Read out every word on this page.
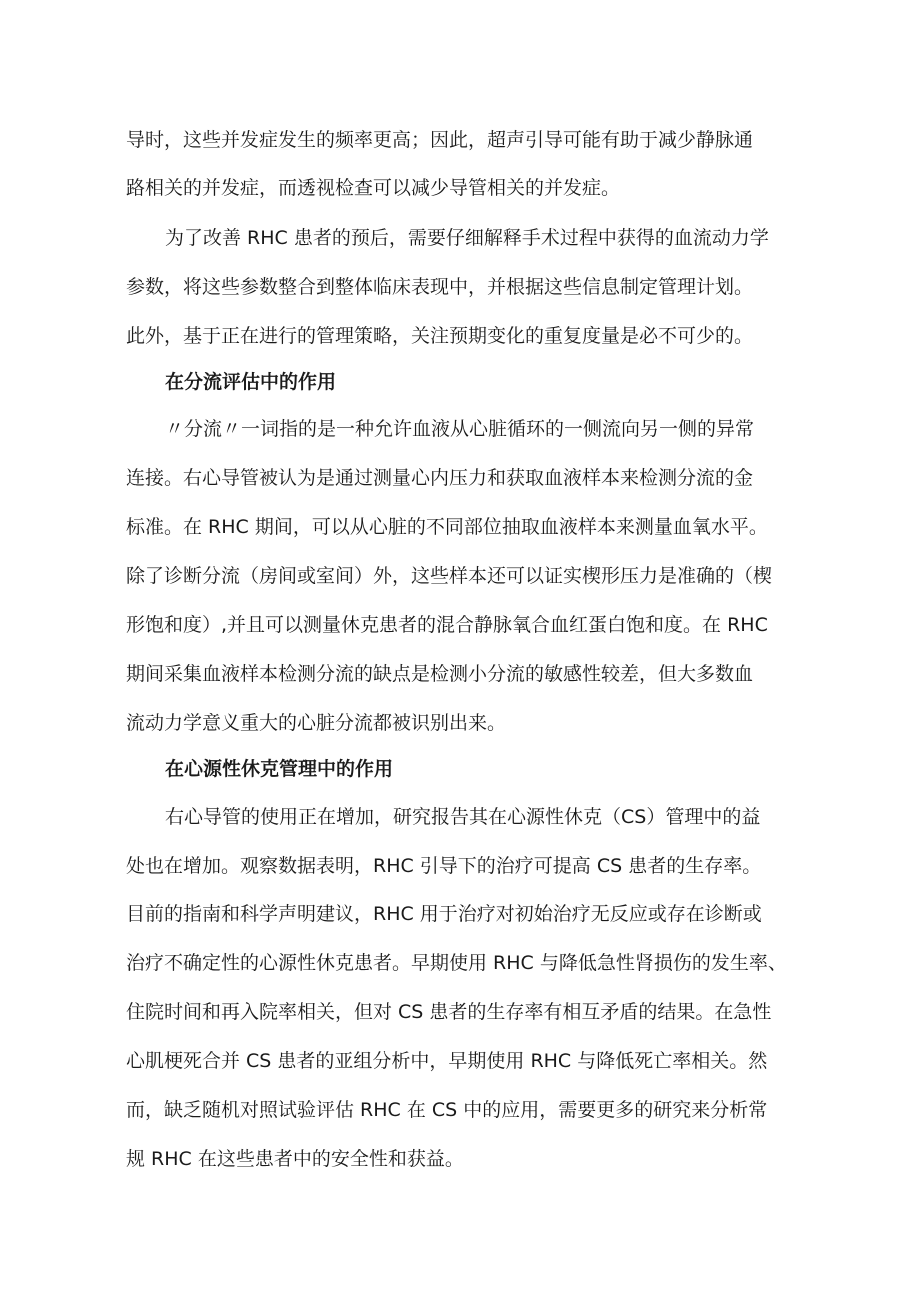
导时，这些并发症发生的频率更高；因此，超声引导可能有助于减少静脉通
路相关的并发症，而透视检查可以减少导管相关的并发症。
为了改善 RHC 患者的预后，需要仔细解释手术过程中获得的血流动力学
参数，将这些参数整合到整体临床表现中，并根据这些信息制定管理计划。
此外，基于正在进行的管理策略，关注预期变化的重复度量是必不可少的。
在分流评估中的作用
〃分流〃一词指的是一种允许血液从心脏循环的一侧流向另一侧的异常
连接。右心导管被认为是通过测量心内压力和获取血液样本来检测分流的金
标准。在 RHC 期间，可以从心脏的不同部位抽取血液样本来测量血氧水平。
除了诊断分流（房间或室间）外，这些样本还可以证实楔形压力是准确的（楔
形饱和度）,并且可以测量休克患者的混合静脉氧合血红蛋白饱和度。在 RHC
期间采集血液样本检测分流的缺点是检测小分流的敏感性较差，但大多数血
流动力学意义重大的心脏分流都被识别出来。
在心源性休克管理中的作用
右心导管的使用正在增加，研究报告其在心源性休克（CS）管理中的益
处也在增加。观察数据表明，RHC 引导下的治疗可提高 CS 患者的生存率。
目前的指南和科学声明建议，RHC 用于治疗对初始治疗无反应或存在诊断或
治疗不确定性的心源性休克患者。早期使用 RHC 与降低急性肾损伤的发生率、
住院时间和再入院率相关，但对 CS 患者的生存率有相互矛盾的结果。在急性
心肌梗死合并 CS 患者的亚组分析中，早期使用 RHC 与降低死亡率相关。然
而，缺乏随机对照试验评估 RHC 在 CS 中的应用，需要更多的研究来分析常
规 RHC 在这些患者中的安全性和获益。
